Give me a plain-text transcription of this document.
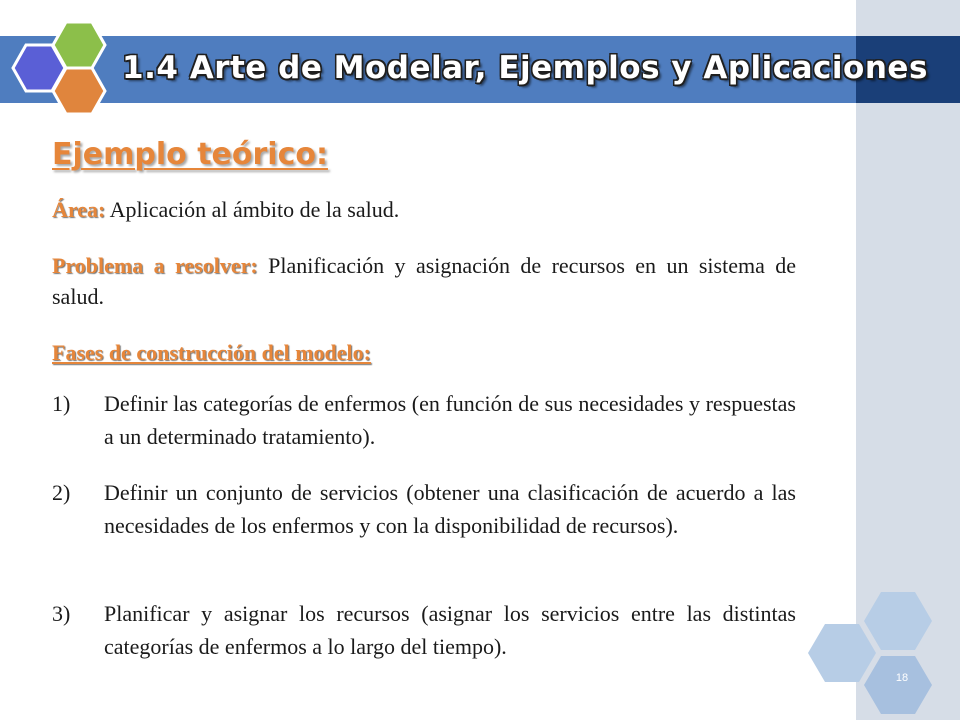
1.4 Arte de Modelar, Ejemplos y Aplicaciones
Ejemplo teórico:
Área: Aplicación al ámbito de la salud.
Problema a resolver: Planificación y asignación de recursos en un sistema de salud.
Fases de construcción del modelo:
1)	Definir las categorías de enfermos (en función de sus necesidades y respuestas a un determinado tratamiento).
2)	Definir un conjunto de servicios (obtener una clasificación de acuerdo a las necesidades de los enfermos y con la disponibilidad de recursos).
3)	Planificar y asignar los recursos (asignar los servicios entre las distintas categorías de enfermos a lo largo del tiempo).
18
